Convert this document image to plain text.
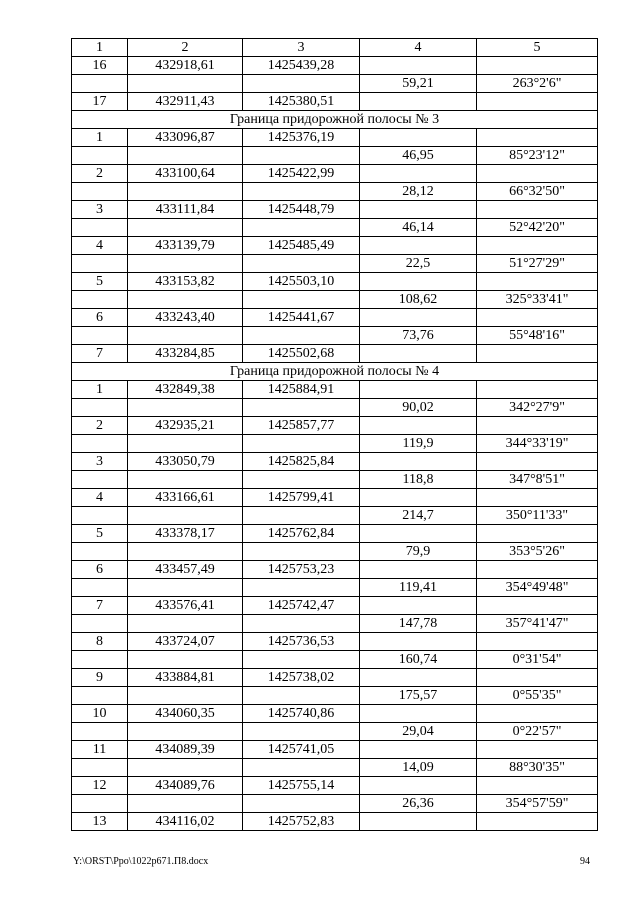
1	2	3	4	5
16	432918,61	1425439,28		
			59,21	263°2'6"
17	432911,43	1425380,51		
Граница придорожной полосы № 3				
1	433096,87	1425376,19		
			46,95	85°23'12"
2	433100,64	1425422,99		
			28,12	66°32'50"
3	433111,84	1425448,79		
			46,14	52°42'20"
4	433139,79	1425485,49		
			22,5	51°27'29"
5	433153,82	1425503,10		
			108,62	325°33'41"
6	433243,40	1425441,67		
			73,76	55°48'16"
7	433284,85	1425502,68		
Граница придорожной полосы № 4				
1	432849,38	1425884,91		
			90,02	342°27'9"
2	432935,21	1425857,77		
			119,9	344°33'19"
3	433050,79	1425825,84		
			118,8	347°8'51"
4	433166,61	1425799,41		
			214,7	350°11'33"
5	433378,17	1425762,84		
			79,9	353°5'26"
6	433457,49	1425753,23		
			119,41	354°49'48"
7	433576,41	1425742,47		
			147,78	357°41'47"
8	433724,07	1425736,53		
			160,74	0°31'54"
9	433884,81	1425738,02		
			175,57	0°55'35"
10	434060,35	1425740,86		
			29,04	0°22'57"
11	434089,39	1425741,05		
			14,09	88°30'35"
12	434089,76	1425755,14		
			26,36	354°57'59"
13	434116,02	1425752,83		
Y:\ORST\Ppo\1022p671.П8.docx	94
